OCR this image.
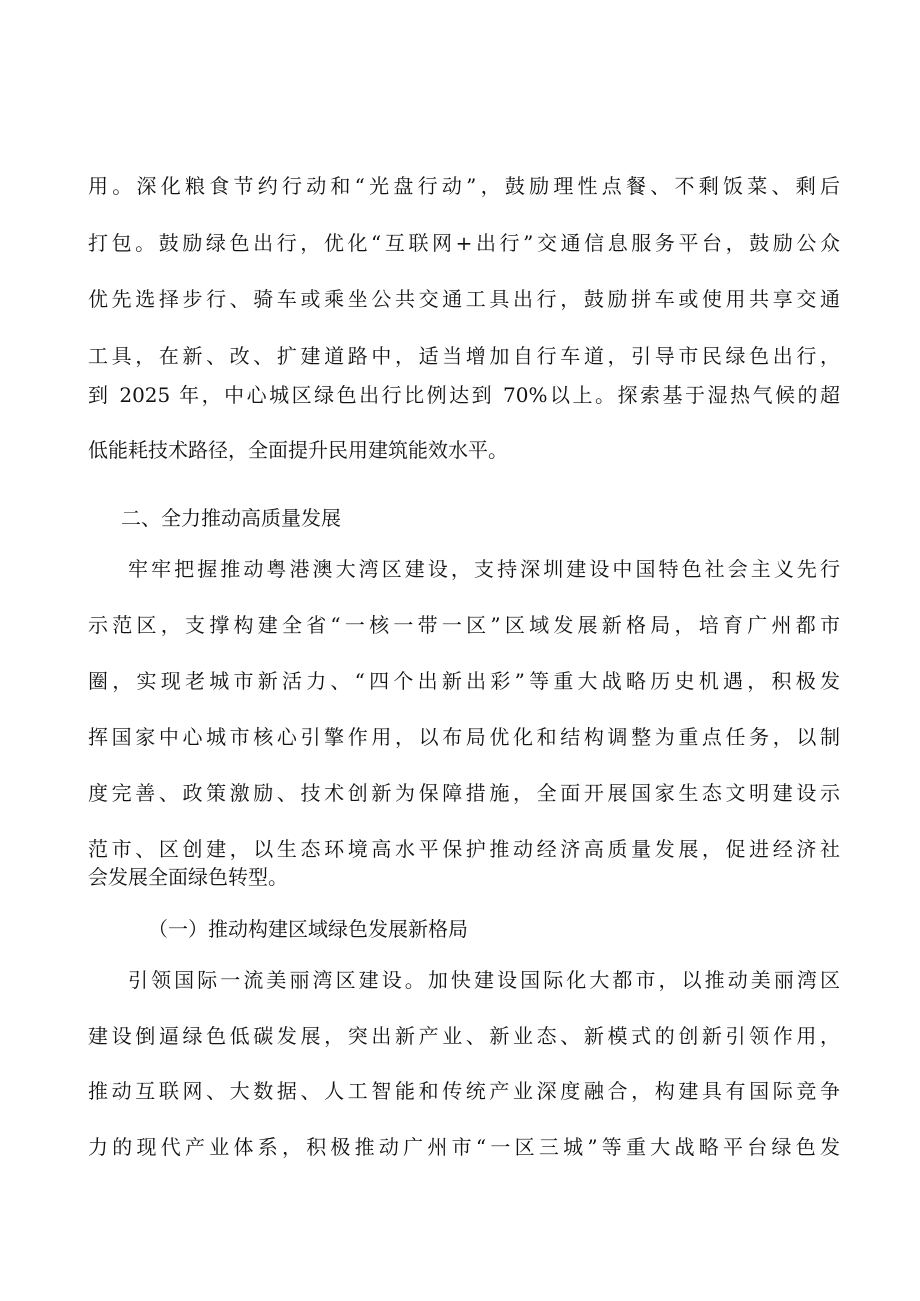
用。深化粮食节约行动和“光盘行动”，鼓励理性点餐、不剩饭菜、剩后
打包。鼓励绿色出行，优化“互联网+出行”交通信息服务平台，鼓励公众
优先选择步行、骑车或乘坐公共交通工具出行，鼓励拼车或使用共享交通
工具，在新、改、扩建道路中，适当增加自行车道，引导市民绿色出行，
到 2025 年，中心城区绿色出行比例达到 70%以上。探索基于湿热气候的超
低能耗技术路径，全面提升民用建筑能效水平。
二、全力推动高质量发展
牢牢把握推动粤港澳大湾区建设，支持深圳建设中国特色社会主义先行
示范区，支撑构建全省“一核一带一区”区域发展新格局，培育广州都市
圈，实现老城市新活力、“四个出新出彩”等重大战略历史机遇，积极发
挥国家中心城市核心引擎作用，以布局优化和结构调整为重点任务，以制
度完善、政策激励、技术创新为保障措施，全面开展国家生态文明建设示
范市、区创建，以生态环境高水平保护推动经济高质量发展，促进经济社
会发展全面绿色转型。
（一）推动构建区域绿色发展新格局
引领国际一流美丽湾区建设。加快建设国际化大都市，以推动美丽湾区
建设倒逼绿色低碳发展，突出新产业、新业态、新模式的创新引领作用，
推动互联网、大数据、人工智能和传统产业深度融合，构建具有国际竞争
力的现代产业体系，积极推动广州市“一区三城”等重大战略平台绿色发
